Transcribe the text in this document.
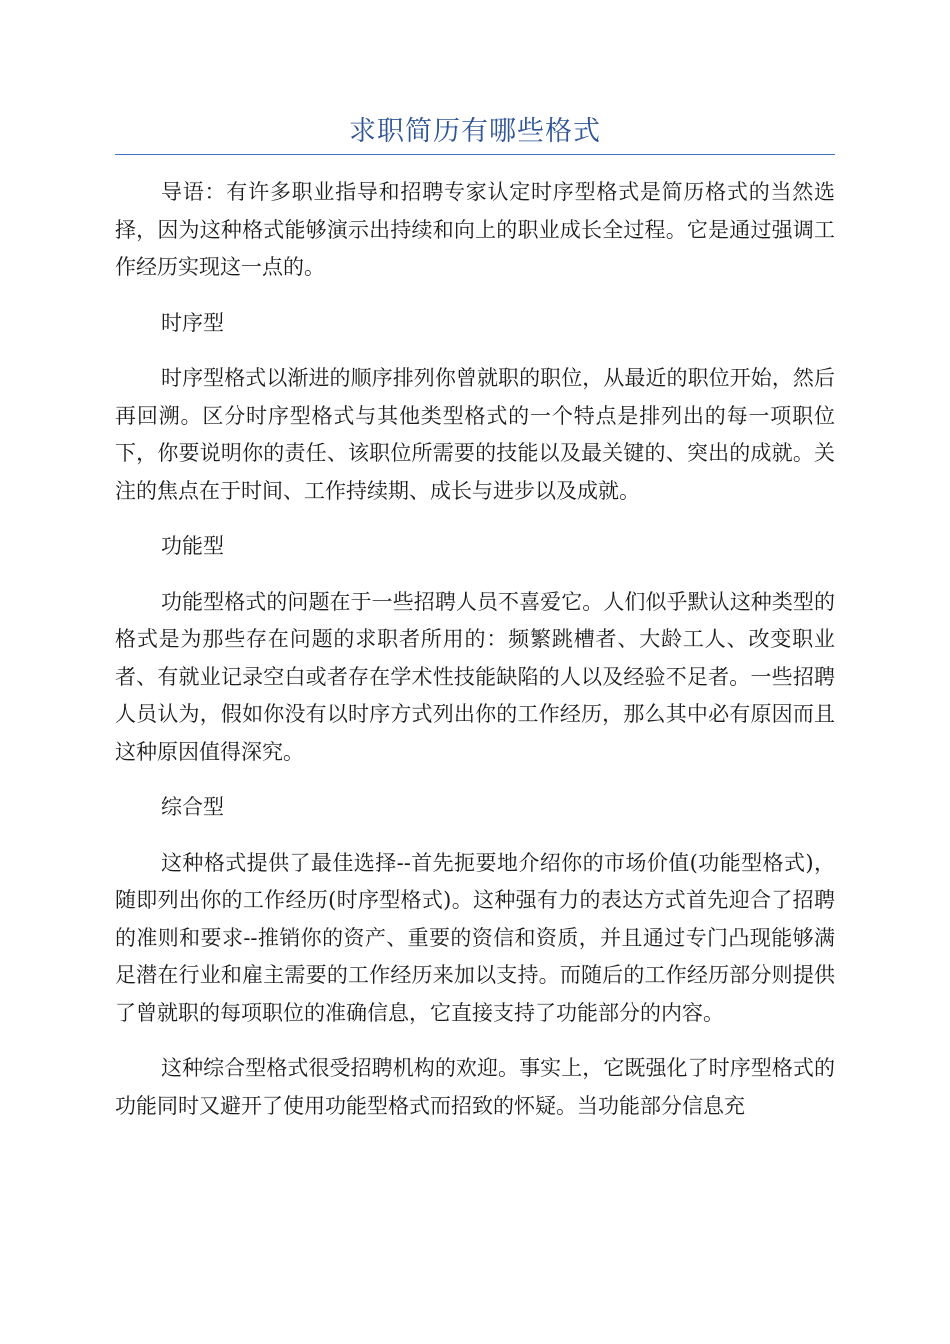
求职简历有哪些格式

导语：有许多职业指导和招聘专家认定时序型格式是简历格式的当然选择，因为这种格式能够演示出持续和向上的职业成长全过程。它是通过强调工作经历实现这一点的。

时序型

时序型格式以渐进的顺序排列你曾就职的职位，从最近的职位开始，然后再回溯。区分时序型格式与其他类型格式的一个特点是排列出的每一项职位下，你要说明你的责任、该职位所需要的技能以及最关键的、突出的成就。关注的焦点在于时间、工作持续期、成长与进步以及成就。

功能型

功能型格式的问题在于一些招聘人员不喜爱它。人们似乎默认这种类型的格式是为那些存在问题的求职者所用的：频繁跳槽者、大龄工人、改变职业者、有就业记录空白或者存在学术性技能缺陷的人以及经验不足者。一些招聘人员认为，假如你没有以时序方式列出你的工作经历，那么其中必有原因而且这种原因值得深究。

综合型

这种格式提供了最佳选择--首先扼要地介绍你的市场价值(功能型格式)，随即列出你的工作经历(时序型格式)。这种强有力的表达方式首先迎合了招聘的准则和要求--推销你的资产、重要的资信和资质，并且通过专门凸现能够满足潜在行业和雇主需要的工作经历来加以支持。而随后的工作经历部分则提供了曾就职的每项职位的准确信息，它直接支持了功能部分的内容。

这种综合型格式很受招聘机构的欢迎。事实上，它既强化了时序型格式的功能同时又避开了使用功能型格式而招致的怀疑。当功能部分信息充
